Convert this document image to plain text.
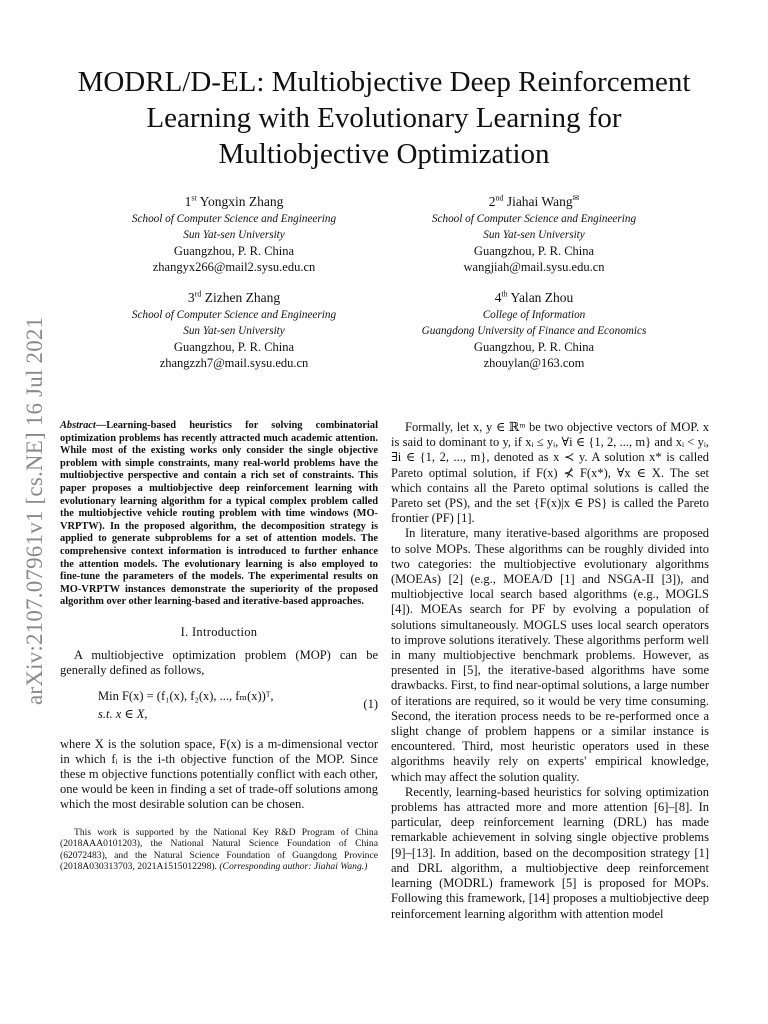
arXiv:2107.07961v1 [cs.NE] 16 Jul 2021
MODRL/D-EL: Multiobjective Deep Reinforcement Learning with Evolutionary Learning for Multiobjective Optimization
1st Yongxin Zhang
School of Computer Science and Engineering
Sun Yat-sen University
Guangzhou, P. R. China
zhangyx266@mail2.sysu.edu.cn
2nd Jiahai Wang✉
School of Computer Science and Engineering
Sun Yat-sen University
Guangzhou, P. R. China
wangjiah@mail.sysu.edu.cn
3rd Zizhen Zhang
School of Computer Science and Engineering
Sun Yat-sen University
Guangzhou, P. R. China
zhangzzh7@mail.sysu.edu.cn
4th Yalan Zhou
College of Information
Guangdong University of Finance and Economics
Guangzhou, P. R. China
zhouylan@163.com

Abstract—Learning-based heuristics for solving combinatorial optimization problems has recently attracted much academic attention. While most of the existing works only consider the single objective problem with simple constraints, many real-world problems have the multiobjective perspective and contain a rich set of constraints. This paper proposes a multiobjective deep reinforcement learning with evolutionary learning algorithm for a typical complex problem called the multiobjective vehicle routing problem with time windows (MO-VRPTW). In the proposed algorithm, the decomposition strategy is applied to generate subproblems for a set of attention models. The comprehensive context information is introduced to further enhance the attention models. The evolutionary learning is also employed to fine-tune the parameters of the models. The experimental results on MO-VRPTW instances demonstrate the superiority of the proposed algorithm over other learning-based and iterative-based approaches.

I. Introduction

A multiobjective optimization problem (MOP) can be generally defined as follows,

Min F(x) = (f₁(x), f₂(x), ..., fₘ(x))ᵀ,
s.t. x ∈ X,
(1)

where X is the solution space, F(x) is a m-dimensional vector in which fᵢ is the i-th objective function of the MOP. Since these m objective functions potentially conflict with each other, one would be keen in finding a set of trade-off solutions among which the most desirable solution can be chosen.

This work is supported by the National Key R&D Program of China (2018AAA0101203), the National Natural Science Foundation of China (62072483), and the Natural Science Foundation of Guangdong Province (2018A030313703, 2021A1515012298). (Corresponding author: Jiahai Wang.)

Formally, let x, y ∈ ℝᵐ be two objective vectors of MOP. x is said to dominant to y, if xᵢ ≤ yᵢ, ∀i ∈ {1, 2, ..., m} and xᵢ < yᵢ, ∃i ∈ {1, 2, ..., m}, denoted as x ≺ y. A solution x* is called Pareto optimal solution, if F(x) ⊀ F(x*), ∀x ∈ X. The set which contains all the Pareto optimal solutions is called the Pareto set (PS), and the set {F(x)|x ∈ PS} is called the Pareto frontier (PF) [1].

In literature, many iterative-based algorithms are proposed to solve MOPs. These algorithms can be roughly divided into two categories: the multiobjective evolutionary algorithms (MOEAs) [2] (e.g., MOEA/D [1] and NSGA-II [3]), and multiobjective local search based algorithms (e.g., MOGLS [4]). MOEAs search for PF by evolving a population of solutions simultaneously. MOGLS uses local search operators to improve solutions iteratively. These algorithms perform well in many multiobjective benchmark problems. However, as presented in [5], the iterative-based algorithms have some drawbacks. First, to find near-optimal solutions, a large number of iterations are required, so it would be very time consuming. Second, the iteration process needs to be re-performed once a slight change of problem happens or a similar instance is encountered. Third, most heuristic operators used in these algorithms heavily rely on experts' empirical knowledge, which may affect the solution quality.

Recently, learning-based heuristics for solving optimization problems has attracted more and more attention [6]–[8]. In particular, deep reinforcement learning (DRL) has made remarkable achievement in solving single objective problems [9]–[13]. In addition, based on the decomposition strategy [1] and DRL algorithm, a multiobjective deep reinforcement learning (MODRL) framework [5] is proposed for MOPs. Following this framework, [14] proposes a multiobjective deep reinforcement learning algorithm with attention model
